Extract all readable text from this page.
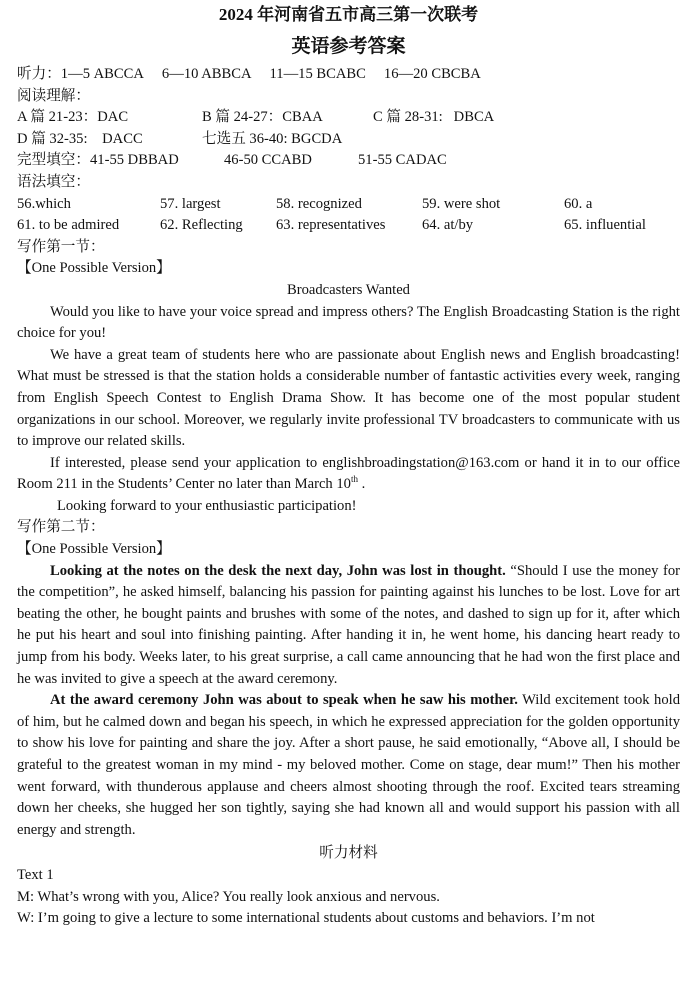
2024 年河南省五市高三第一次联考
英语参考答案
听力：1—5 ABCCA 6—10 ABBCA 11—15 BCABC 16—20 CBCBA
阅读理解：
A 篇 21-23：DAC	B 篇 24-27：CBAA	C 篇 28-31:   DBCA
D 篇 32-35:    DACC	七选五 36-40: BGCDA
完型填空：41-55 DBBAD	46-50 CCABD	51-55 CADAC
语法填空：
56.which	57. largest	58. recognized	59. were shot	60. a
61. to be admired	62. Reflecting	63. representatives	64. at/by	65. influential
写作第一节：
【One Possible Version】
Broadcasters Wanted

Would you like to have your voice spread and impress others? The English Broadcasting Station is the right choice for you!

We have a great team of students here who are passionate about English news and English broadcasting! What must be stressed is that the station holds a considerable number of fantastic activities every week, ranging from English Speech Contest to English Drama Show. It has become one of the most popular student organizations in our school. Moreover, we regularly invite professional TV broadcasters to communicate with us to improve our related skills.

If interested, please send your application to englishbroadingstation@163.com or hand it in to our office Room 211 in the Students’ Center no later than March 10th .

Looking forward to your enthusiastic participation!

写作第二节：
【One Possible Version】

Looking at the notes on the desk the next day, John was lost in thought. “Should I use the money for the competition”, he asked himself, balancing his passion for painting against his lunches to be lost. Love for art beating the other, he bought paints and brushes with some of the notes, and dashed to sign up for it, after which he put his heart and soul into finishing painting. After handing it in, he went home, his dancing heart ready to jump from his body. Weeks later, to his great surprise, a call came announcing that he had won the first place and he was invited to give a speech at the award ceremony.

At the award ceremony John was about to speak when he saw his mother. Wild excitement took hold of him, but he calmed down and began his speech, in which he expressed appreciation for the golden opportunity to show his love for painting and share the joy. After a short pause, he said emotionally, “Above all, I should be grateful to the greatest woman in my mind - my beloved mother. Come on stage, dear mum!” Then his mother went forward, with thunderous applause and cheers almost shooting through the roof. Excited tears streaming down her cheeks, she hugged her son tightly, saying she had known all and would support his passion with all energy and strength.

听力材料
Text 1
M: What’s wrong with you, Alice? You really look anxious and nervous.
W: I’m going to give a lecture to some international students about customs and behaviors. I’m not
